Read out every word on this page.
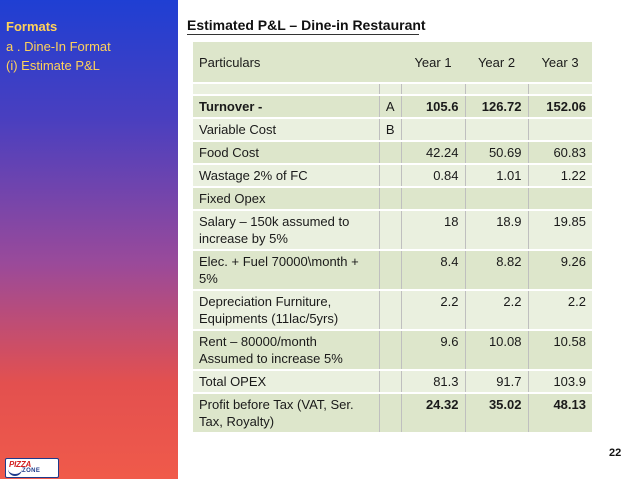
Formats
a . Dine-In Format
(i) Estimate P&L
PIZZA
ZONE
Estimated P&L – Dine-in Restaurant
Particulars		Year 1	Year 2	Year 3

Turnover -	A	105.6	126.72	152.06
Variable Cost	B			
Food Cost		42.24	50.69	60.83
Wastage 2% of FC		0.84	1.01	1.22
Fixed Opex				
Salary – 150k assumed to increase by 5%		18	18.9	19.85
Elec. + Fuel 70000\month + 5%		8.4	8.82	9.26
Depreciation Furniture, Equipments (11lac/5yrs)		2.2	2.2	2.2
Rent – 80000/month Assumed to increase 5%		9.6	10.08	10.58
Total OPEX		81.3	91.7	103.9
Profit before Tax (VAT, Ser. Tax, Royalty)		24.32	35.02	48.13
22
